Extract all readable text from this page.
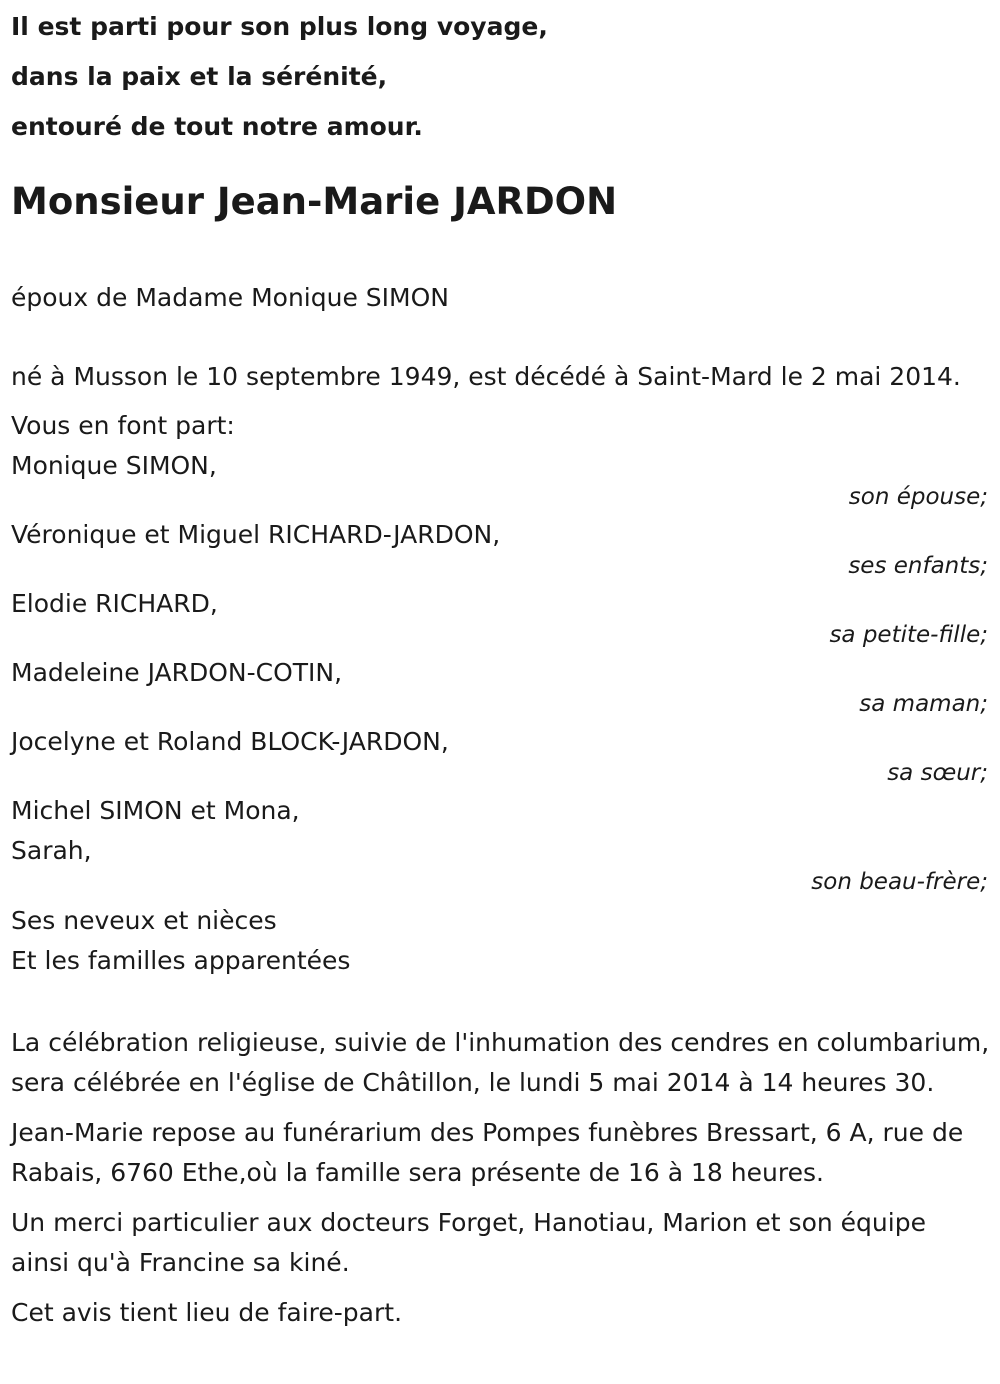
Il est parti pour son plus long voyage,

dans la paix et la sérénité,

entouré de tout notre amour.

Monsieur Jean-Marie JARDON

époux de Madame Monique SIMON

né à Musson le 10 septembre 1949, est décédé à Saint-Mard le 2 mai 2014.

Vous en font part:

Monique SIMON,

son épouse;

Véronique et Miguel RICHARD-JARDON,

ses enfants;

Elodie RICHARD,

sa petite-fille;

Madeleine JARDON-COTIN,

sa maman;

Jocelyne et Roland BLOCK-JARDON,

sa sœur;

Michel SIMON et Mona,

Sarah,

son beau-frère;

Ses neveux et nièces

Et les familles apparentées

La célébration religieuse, suivie de l'inhumation des cendres en columbarium, sera célébrée en l'église de Châtillon, le lundi 5 mai 2014 à 14 heures 30.

Jean-Marie repose au funérarium des Pompes funèbres Bressart, 6 A, rue de Rabais, 6760 Ethe,où la famille sera présente de 16 à 18 heures.

Un merci particulier aux docteurs Forget, Hanotiau, Marion et son équipe ainsi qu'à Francine sa kiné.

Cet avis tient lieu de faire-part.
